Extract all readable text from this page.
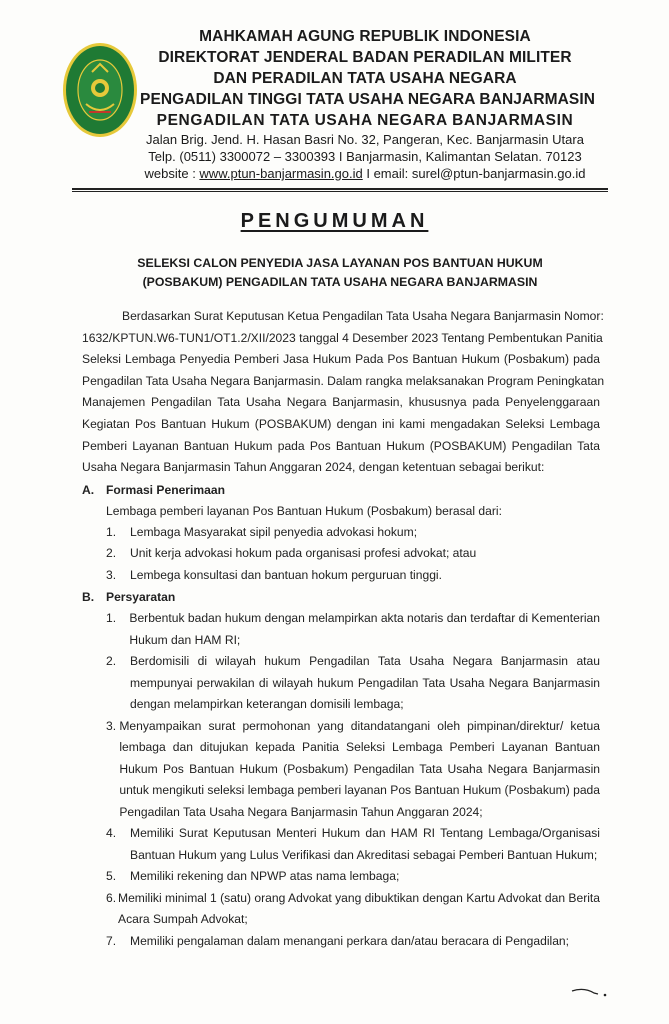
MAHKAMAH AGUNG REPUBLIK INDONESIA
DIREKTORAT JENDERAL BADAN PERADILAN MILITER
DAN PERADILAN TATA USAHA NEGARA
PENGADILAN TINGGI TATA USAHA NEGARA BANJARMASIN
PENGADILAN TATA USAHA NEGARA BANJARMASIN
Jalan Brig. Jend. H. Hasan Basri No. 32, Pangeran, Kec. Banjarmasin Utara
Telp. (0511) 3300072 – 3300393 I Banjarmasin, Kalimantan Selatan. 70123
website : www.ptun-banjarmasin.go.id I email: surel@ptun-banjarmasin.go.id
PENGUMUMAN
SELEKSI CALON PENYEDIA JASA LAYANAN POS BANTUAN HUKUM
(POSBAKUM) PENGADILAN TATA USAHA NEGARA BANJARMASIN

Berdasarkan Surat Keputusan Ketua Pengadilan Tata Usaha Negara Banjarmasin Nomor:

1632/KPTUN.W6-TUN1/OT1.2/XII/2023 tanggal 4 Desember 2023 Tentang Pembentukan Panitia

Seleksi Lembaga Penyedia Pemberi Jasa Hukum Pada Pos Bantuan Hukum (Posbakum) pada

Pengadilan Tata Usaha Negara Banjarmasin. Dalam rangka melaksanakan Program Peningkatan

Manajemen Pengadilan Tata Usaha Negara Banjarmasin, khususnya pada Penyelenggaraan

Kegiatan Pos Bantuan Hukum (POSBAKUM) dengan ini kami mengadakan Seleksi Lembaga

Pemberi Layanan Bantuan Hukum pada Pos Bantuan Hukum (POSBAKUM) Pengadilan Tata

Usaha Negara Banjarmasin Tahun Anggaran 2024, dengan ketentuan sebagai berikut:

A. Formasi Penerimaan
Lembaga pemberi layanan Pos Bantuan Hukum (Posbakum) berasal dari:
1.	Lembaga Masyarakat sipil penyedia advokasi hokum;
2.	Unit kerja advokasi hokum pada organisasi profesi advokat; atau
3.	Lembega konsultasi dan bantuan hokum perguruan tinggi.
B. Persyaratan
1.	Berbentuk badan hukum dengan melampirkan akta notaris dan terdaftar di Kementerian
Hukum dan HAM RI;
2.	Berdomisili di wilayah hukum Pengadilan Tata Usaha Negara Banjarmasin atau
mempunyai perwakilan di wilayah hukum Pengadilan Tata Usaha Negara Banjarmasin
dengan melampirkan keterangan domisili lembaga;
3. Menyampaikan surat permohonan yang ditandatangani oleh pimpinan/direktur/ ketua
lembaga dan ditujukan kepada Panitia Seleksi Lembaga Pemberi Layanan Bantuan
Hukum Pos Bantuan Hukum (Posbakum) Pengadilan Tata Usaha Negara Banjarmasin
untuk mengikuti seleksi lembaga pemberi layanan Pos Bantuan Hukum (Posbakum) pada
Pengadilan Tata Usaha Negara Banjarmasin Tahun Anggaran 2024;
4.	Memiliki Surat Keputusan Menteri Hukum dan HAM RI Tentang Lembaga/Organisasi
Bantuan Hukum yang Lulus Verifikasi dan Akreditasi sebagai Pemberi Bantuan Hukum;
5.	Memiliki rekening dan NPWP atas nama lembaga;
6. Memiliki minimal 1 (satu) orang Advokat yang dibuktikan dengan Kartu Advokat dan Berita
Acara Sumpah Advokat;
7.	Memiliki pengalaman dalam menangani perkara dan/atau beracara di Pengadilan;
